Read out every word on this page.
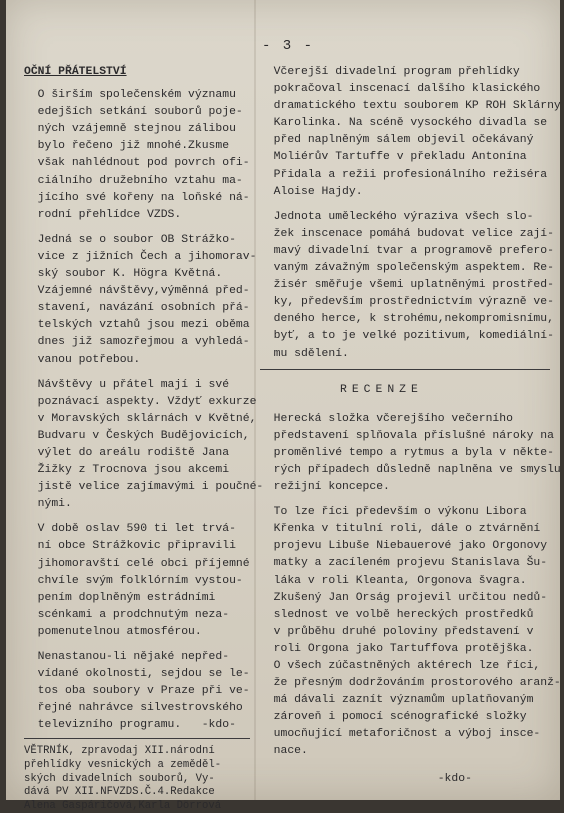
- 3 -
OČNÍ PŘÁTELSTVÍ
O širším společenském významu
edejších setkání souborů poje-
ných vzájemně stejnou zálibou
bylo řečeno již mnohé.Zkusme
však nahlédnout pod povrch ofi-
ciálního družebního vztahu ma-
jícího své kořeny na loňské ná-
rodní přehlídce VZDS.
Jedná se o soubor OB Strážko-
vice z jižních Čech a jihomorav-
ský soubor K. Högra Květná.
Vzájemné návštěvy,výměnná před-
stavení, navázání osobních přá-
telských vztahů jsou mezi oběma
dnes již samozřejmou a vyhledá-
vanou potřebou.
Návštěvy u přátel mají i své
poznávací aspekty. Vždyť exkurze
v Moravských sklárnách v Květné,
Budvaru v Českých Budějovicích,
výlet do areálu rodiště Jana
Žižky z Trocnova jsou akcemi
jistě velice zajímavými i poučné-
nými.
V době oslav 590 ti let trvá-
ní obce Strážkovic připravili
jihomoravští celé obci příjemné
chvíle svým folklórním vystou-
pením doplněným estrádními
scénkami a prodchnutým neza-
pomenutelnou atmosférou.
Nenastanou-li nějaké nepřed-
vídané okolnosti, sejdou se le-
tos oba soubory v Praze při ve-
řejné nahrávce silvestrovského
televizního programu.   -kdo-
VĚTRNÍK, zpravodaj XII.národní
přehlídky vesnických a zeměděl-
ských divadelních souborů, Vy-
dává PV XII.NFVZDS.Č.4.Redakce
Alena Gaspáričová,Karla Dörrová
Včerejší divadelní program přehlídky
pokračoval inscenací dalšího klasického
dramatického textu souborem KP ROH Sklárny
Karolinka. Na scéně vysockého divadla se
před naplněným sálem objevil očekávaný
Moliérův Tartuffe v překladu Antonína
Přidala a režii profesionálního režiséra
Aloise Hajdy.
Jednota uměleckého výraziva všech slo-
žek inscenace pomáhá budovat velice zají-
mavý divadelní tvar a programově prefero-
vaným závažným společenským aspektem. Re-
žisér směřuje všemi uplatněnými prostřed-
ky, především prostřednictvím výrazně ve-
deného herce, k strohému,nekompromisnímu,
byť, a to je velké pozitivum, komediální-
mu sdělení.
RECENZE
Herecká složka včerejšího večerního
představení splňovala příslušné nároky na
proměnlivé tempo a rytmus a byla v někte-
rých případech důsledně naplněna ve smyslu
režijní koncepce.
To lze říci především o výkonu Libora
Křenka v titulní roli, dále o ztvárnění
projevu Libuše Niebauerové jako Orgonovy
matky a zacíleném projevu Stanislava Šu-
láka v roli Kleanta, Orgonova švagra.
Zkušený Jan Orság projevil určitou nedů-
slednost ve volbě hereckých prostředků
v průběhu druhé poloviny představení v
roli Orgona jako Tartuffova protějška.
O všech zúčastněných aktérech lze říci,
že přesným dodržováním prostorového aranž-
má dávali zaznít významům uplatňovaným
zároveň i pomocí scénografické složky
umocňující metaforičnost a výboj insce-
nace.
-kdo-
